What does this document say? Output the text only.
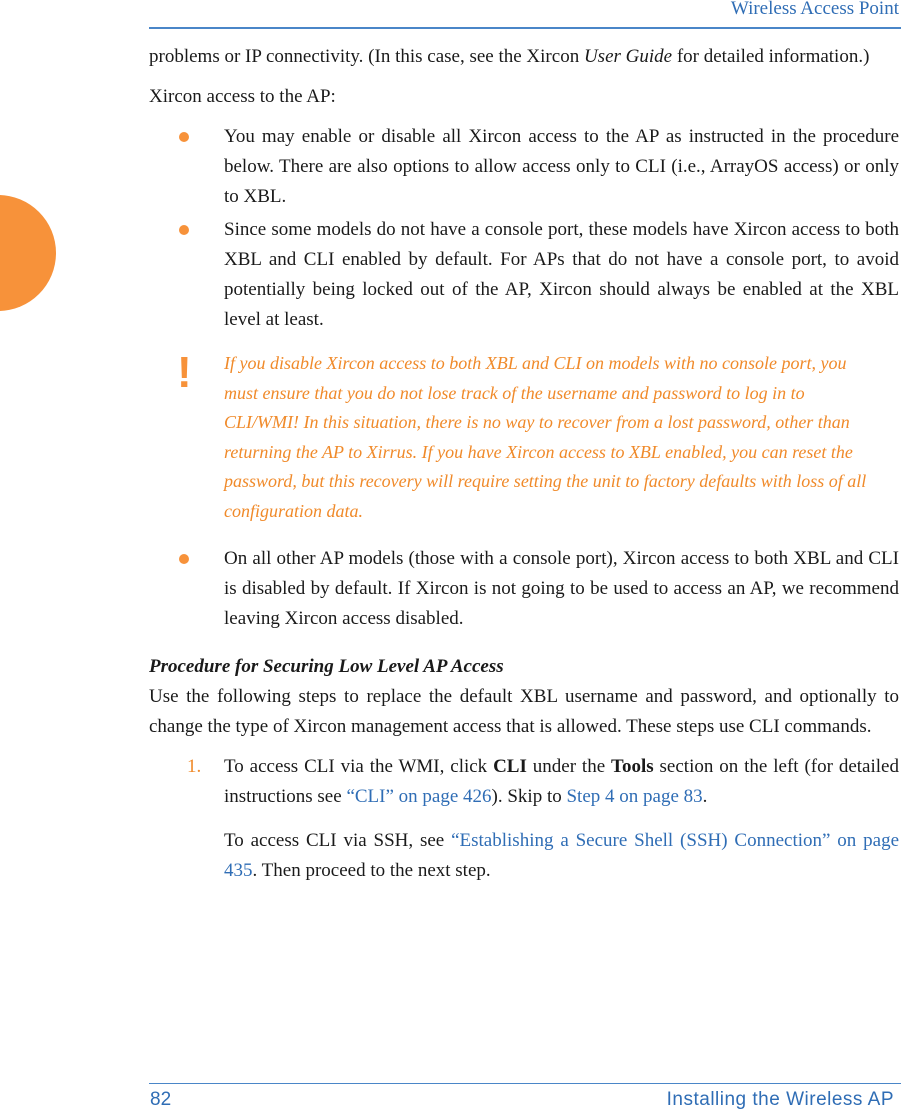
Wireless Access Point

problems or IP connectivity. (In this case, see the Xircon User Guide for detailed information.)

Xircon access to the AP:

You may enable or disable all Xircon access to the AP as instructed in the procedure below. There are also options to allow access only to CLI (i.e., ArrayOS access) or only to XBL.
Since some models do not have a console port, these models have Xircon access to both XBL and CLI enabled by default. For APs that do not have a console port, to avoid potentially being locked out of the AP, Xircon should always be enabled at the XBL level at least.
! If you disable Xircon access to both XBL and CLI on models with no console port, you must ensure that you do not lose track of the username and password to log in to CLI/WMI! In this situation, there is no way to recover from a lost password, other than returning the AP to Xirrus. If you have Xircon access to XBL enabled, you can reset the password, but this recovery will require setting the unit to factory defaults with loss of all configuration data.
On all other AP models (those with a console port), Xircon access to both XBL and CLI is disabled by default. If Xircon is not going to be used to access an AP, we recommend leaving Xircon access disabled.

Procedure for Securing Low Level AP Access

Use the following steps to replace the default XBL username and password, and optionally to change the type of Xircon management access that is allowed. These steps use CLI commands.

1. To access CLI via the WMI, click CLI under the Tools section on the left (for detailed instructions see “CLI” on page 426). Skip to Step 4 on page 83.
To access CLI via SSH, see “Establishing a Secure Shell (SSH) Connection” on page 435. Then proceed to the next step.
82	Installing the Wireless AP
